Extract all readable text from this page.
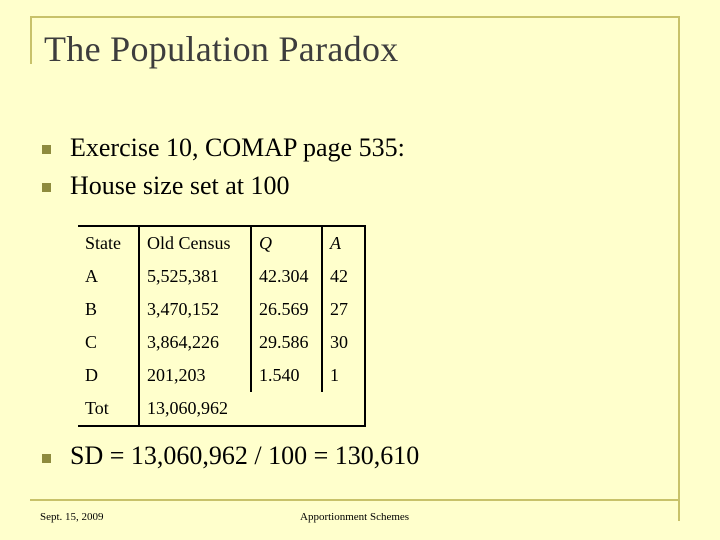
The Population Paradox
Exercise 10, COMAP page 535:
House size set at 100
State	Old Census	Q	A
A	5,525,381	42.304	42
B	3,470,152	26.569	27
C	3,864,226	29.586	30
D	201,203	1.540	1
Tot	13,060,962		
SD = 13,060,962 / 100 = 130,610
Sept. 15, 2009	Apportionment Schemes
